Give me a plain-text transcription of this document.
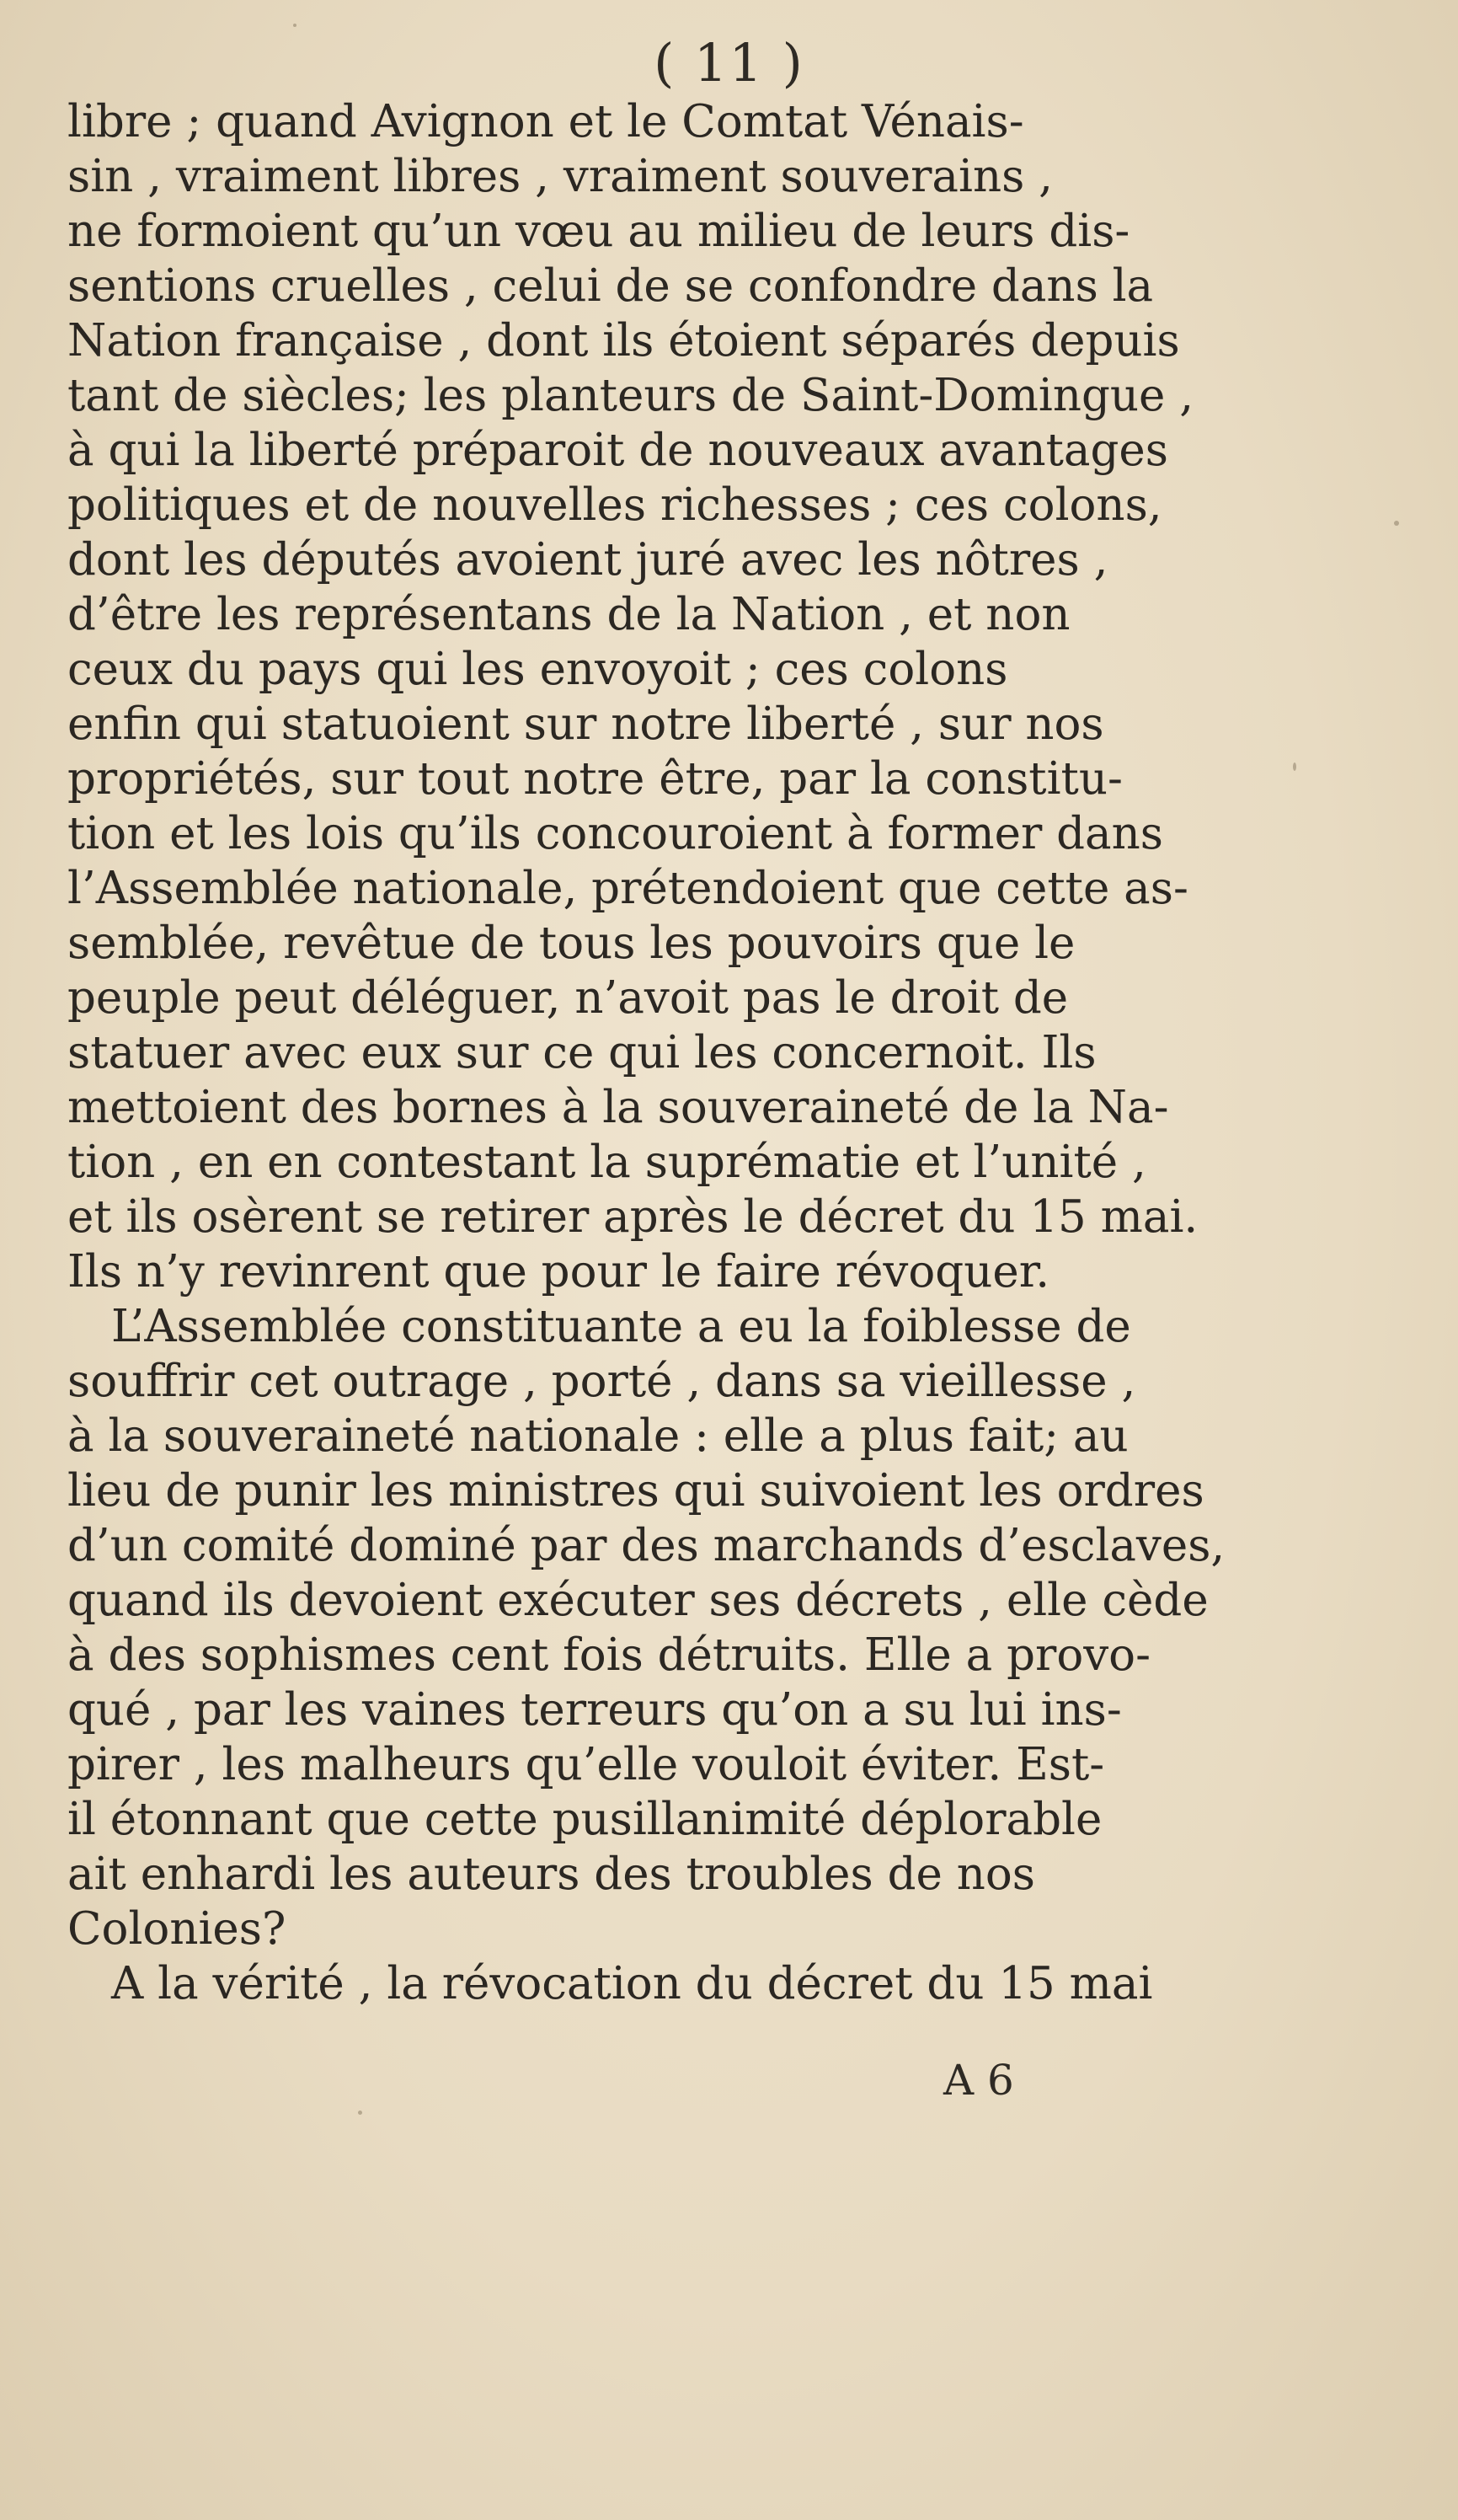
( 11 )
libre ; quand Avignon et le Comtat Vénais-
sin , vraiment libres , vraiment souverains ,
ne formoient qu’un vœu au milieu de leurs dis-
sentions cruelles , celui de se confondre dans la
Nation française , dont ils étoient séparés depuis
tant de siècles; les planteurs de Saint-Domingue ,
à qui la liberté préparoit de nouveaux avantages
politiques et de nouvelles richesses ; ces colons,
dont les députés avoient juré avec les nôtres ,
d’être les représentans de la Nation , et non
ceux du pays qui les envoyoit ; ces colons
enfin qui statuoient sur notre liberté , sur nos
propriétés, sur tout notre être, par la constitu-
tion et les lois qu’ils concouroient à former dans
l’Assemblée nationale, prétendoient que cette as-
semblée, revêtue de tous les pouvoirs que le
peuple peut déléguer, n’avoit pas le droit de
statuer avec eux sur ce qui les concernoit. Ils
mettoient des bornes à la souveraineté de la Na-
tion , en en contestant la suprématie et l’unité ,
et ils osèrent se retirer après le décret du 15 mai.
Ils n’y revinrent que pour le faire révoquer.
L’Assemblée constituante a eu la foiblesse de
souffrir cet outrage , porté , dans sa vieillesse ,
à la souveraineté nationale : elle a plus fait; au
lieu de punir les ministres qui suivoient les ordres
d’un comité dominé par des marchands d’esclaves,
quand ils devoient exécuter ses décrets , elle cède
à des sophismes cent fois détruits. Elle a provo-
qué , par les vaines terreurs qu’on a su lui ins-
pirer , les malheurs qu’elle vouloit éviter. Est-
il étonnant que cette pusillanimité déplorable
ait enhardi les auteurs des troubles de nos
Colonies?
A la vérité , la révocation du décret du 15 mai
A 6
